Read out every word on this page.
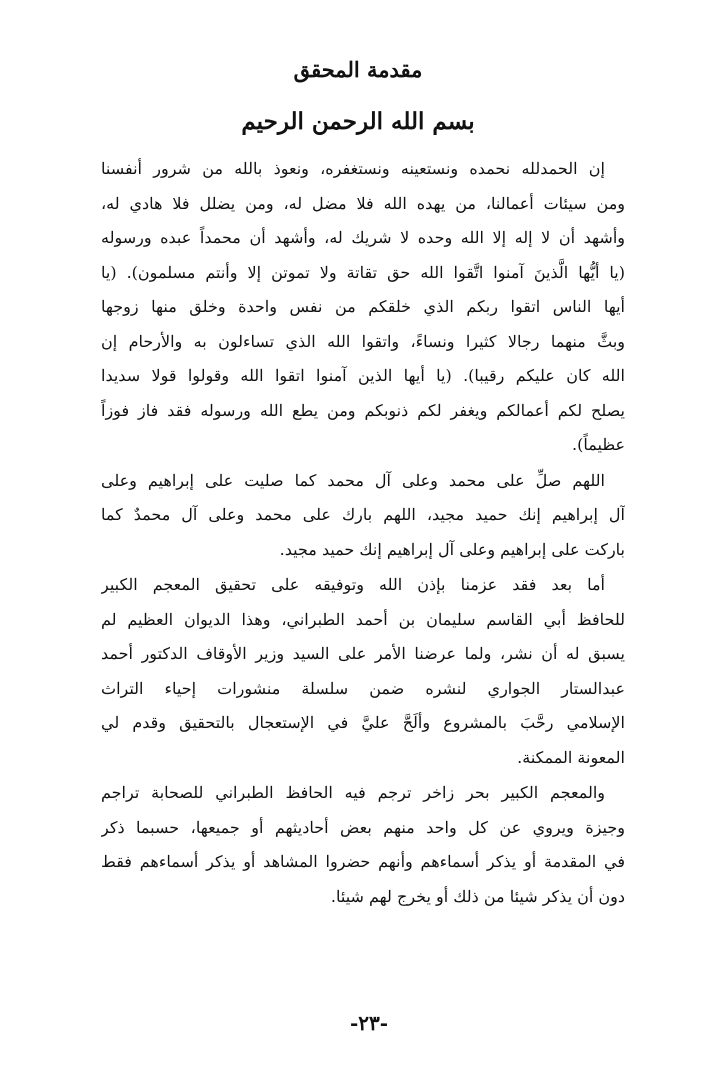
مقدمة المحقق
بسم الله الرحمن الرحيم
إن الحمدلله نحمده ونستعينه ونستغفره، ونعوذ بالله من شرور أنفسنا
ومن سيئات أعمالنا، من يهده الله فلا مضل له، ومن يضلل فلا هادي له،
وأشهد أن لا إله إلا الله وحده لا شريك له، وأشهد أن محمداً عبده ورسوله
(يا أيُّها الَّذينَ آمنوا اتَّقوا الله حق تقاتة ولا تموتن إلا وأنتم مسلمون). (يا
أيها الناس اتقوا ربكم الذي خلقكم من نفس واحدة وخلق منها زوجها
وبثَّ منهما رجالا كثيرا ونساءً، واتقوا الله الذي تساءلون به والأرحام إن
الله كان عليكم رقيبا). (يا أيها الذين آمنوا اتقوا الله وقولوا قولا سديدا
يصلح لكم أعمالكم ويغفر لكم ذنوبكم ومن يطع الله ورسوله فقد فاز فوزاً
عظيماً).
اللهم صلِّ على محمد وعلى آل محمد كما صليت على إبراهيم وعلى
آل إبراهيم إنك حميد مجيد، اللهم بارك على محمد وعلى آل محمدٌ كما
باركت على إبراهيم وعلى آل إبراهيم إنك حميد مجيد.
أما بعد فقد عزمنا بإذن الله وتوفيقه على تحقيق المعجم الكبير
للحافظ أبي القاسم سليمان بن أحمد الطبراني، وهذا الديوان العظيم لم
يسبق له أن نشر، ولما عرضنا الأمر على السيد وزير الأوقاف الدكتور أحمد
عبدالستار الجواري لنشره ضمن سلسلة منشورات إحياء التراث
الإسلامي رحَّبَ بالمشروع وألَحَّ عليَّ في الإستعجال بالتحقيق وقدم لي
المعونة الممكنة.
والمعجم الكبير بحر زاخر ترجم فيه الحافظ الطبراني للصحابة تراجم
وجيزة ويروي عن كل واحد منهم بعض أحاديثهم أو جميعها، حسبما ذكر
في المقدمة أو يذكر أسماءهم وأنهم حضروا المشاهد أو يذكر أسماءهم فقط
دون أن يذكر شيئا من ذلك أو يخرج لهم شيئا.
-٢٣-
